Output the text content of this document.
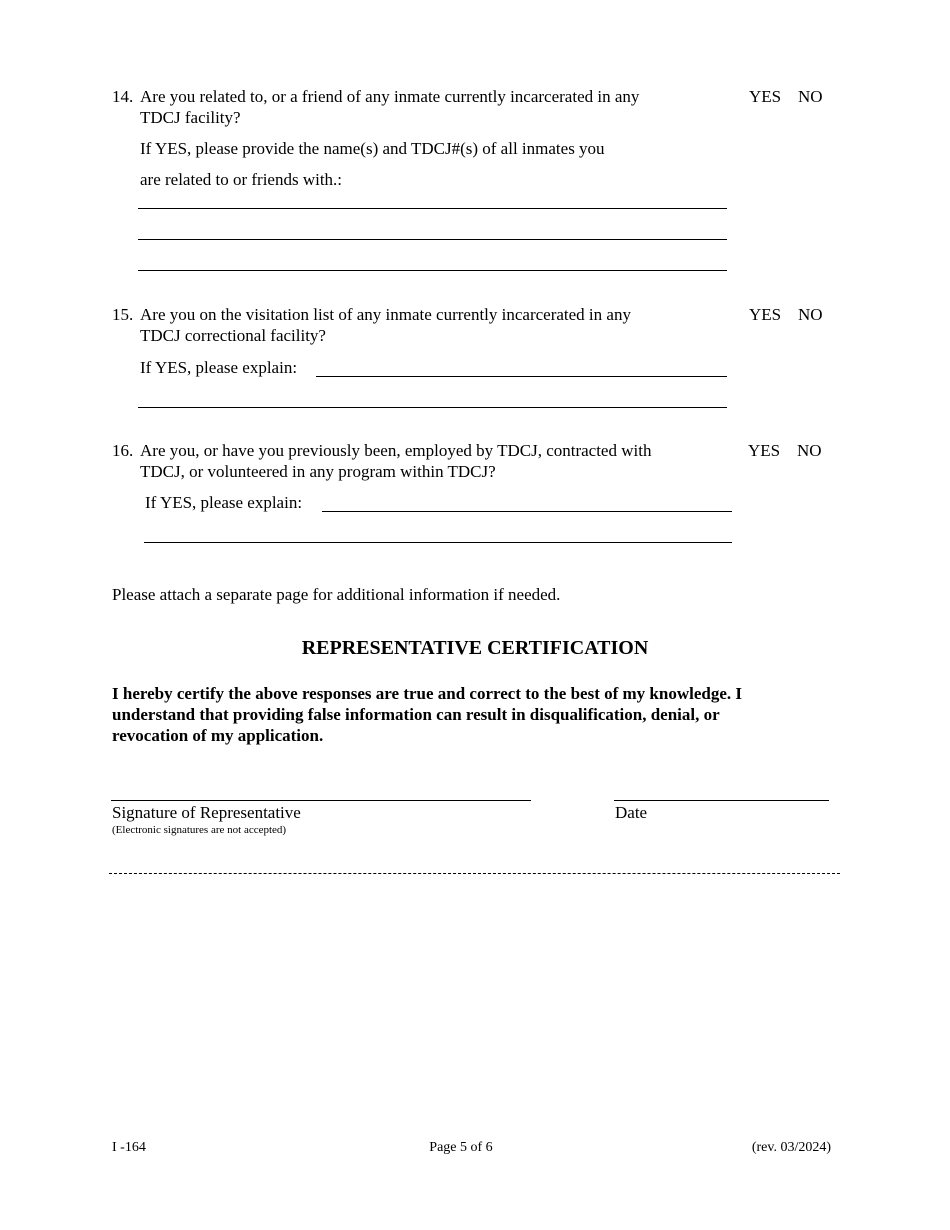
14. Are you related to, or a friend of any inmate currently incarcerated in any
TDCJ facility?
YES NO
If YES, please provide the name(s) and TDCJ#(s) of all inmates you
are related to or friends with.:
15. Are you on the visitation list of any inmate currently incarcerated in any
TDCJ correctional facility?
YES NO
If YES, please explain:
16. Are you, or have you previously been, employed by TDCJ, contracted with
TDCJ, or volunteered in any program within TDCJ?
YES NO
If YES, please explain:
Please attach a separate page for additional information if needed.
REPRESENTATIVE CERTIFICATION
I hereby certify the above responses are true and correct to the best of my knowledge. I
understand that providing false information can result in disqualification, denial, or
revocation of my application.
Signature of Representative
(Electronic signatures are not accepted)
Date
I -164	Page 5 of 6	(rev. 03/2024)
